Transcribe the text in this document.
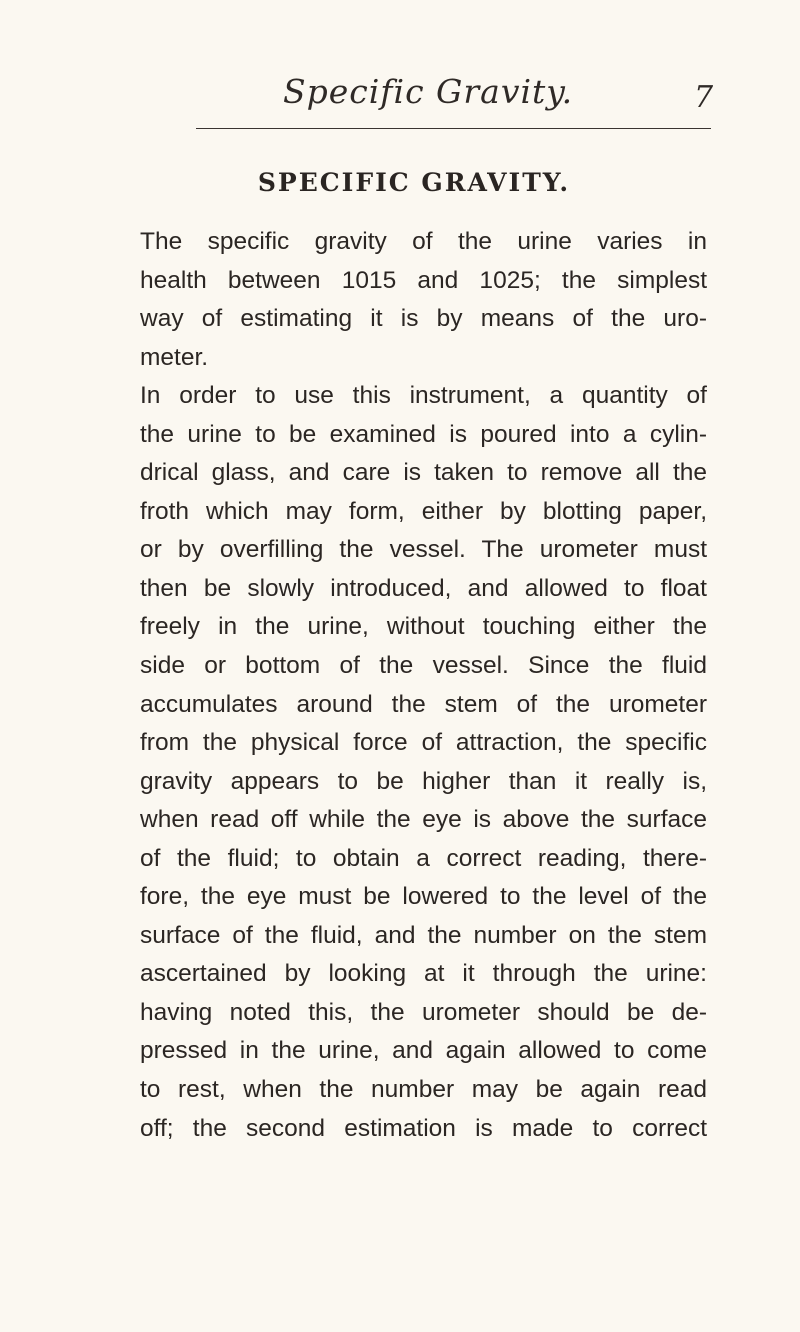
Specific Gravity.	7
SPECIFIC GRAVITY.
The specific gravity of the urine varies in
health between 1015 and 1025; the simplest
way of estimating it is by means of the uro-
meter.
In order to use this instrument, a quantity of
the urine to be examined is poured into a cylin-
drical glass, and care is taken to remove all the
froth which may form, either by blotting paper,
or by overfilling the vessel. The urometer must
then be slowly introduced, and allowed to float
freely in the urine, without touching either the
side or bottom of the vessel. Since the fluid
accumulates around the stem of the urometer
from the physical force of attraction, the specific
gravity appears to be higher than it really is,
when read off while the eye is above the surface
of the fluid; to obtain a correct reading, there-
fore, the eye must be lowered to the level of the
surface of the fluid, and the number on the stem
ascertained by looking at it through the urine:
having noted this, the urometer should be de-
pressed in the urine, and again allowed to come
to rest, when the number may be again read
off; the second estimation is made to correct
